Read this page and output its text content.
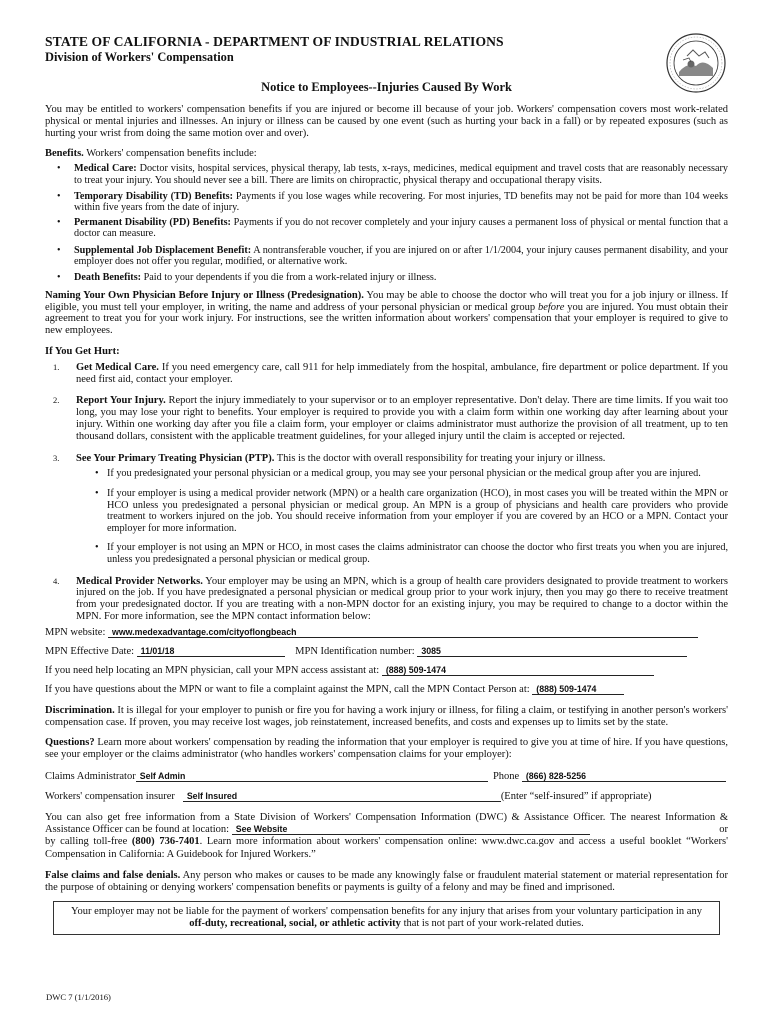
STATE OF CALIFORNIA - DEPARTMENT OF INDUSTRIAL RELATIONS
Division of Workers' Compensation
Notice to Employees--Injuries Caused By Work

You may be entitled to workers' compensation benefits if you are injured or become ill because of your job. Workers' compensation covers most work-related physical or mental injuries and illnesses. An injury or illness can be caused by one event (such as hurting your back in a fall) or by repeated exposures (such as hurting your wrist from doing the same motion over and over).

Benefits. Workers' compensation benefits include:

• Medical Care: Doctor visits, hospital services, physical therapy, lab tests, x-rays, medicines, medical equipment and travel costs that are reasonably necessary to treat your injury. You should never see a bill. There are limits on chiropractic, physical therapy and occupational therapy visits.
• Temporary Disability (TD) Benefits: Payments if you lose wages while recovering. For most injuries, TD benefits may not be paid for more than 104 weeks within five years from the date of injury.
• Permanent Disability (PD) Benefits: Payments if you do not recover completely and your injury causes a permanent loss of physical or mental function that a doctor can measure.
• Supplemental Job Displacement Benefit: A nontransferable voucher, if you are injured on or after 1/1/2004, your injury causes permanent disability, and your employer does not offer you regular, modified, or alternative work.
• Death Benefits: Paid to your dependents if you die from a work-related injury or illness.

Naming Your Own Physician Before Injury or Illness (Predesignation). You may be able to choose the doctor who will treat you for a job injury or illness. If eligible, you must tell your employer, in writing, the name and address of your personal physician or medical group before you are injured. You must obtain their agreement to treat you for your work injury. For instructions, see the written information about workers' compensation that your employer is required to give to new employees.

If You Get Hurt:

1. Get Medical Care. If you need emergency care, call 911 for help immediately from the hospital, ambulance, fire department or police department. If you need first aid, contact your employer.
2. Report Your Injury. Report the injury immediately to your supervisor or to an employer representative. Don't delay. There are time limits. If you wait too long, you may lose your right to benefits. Your employer is required to provide you with a claim form within one working day after learning about your injury. Within one working day after you file a claim form, your employer or claims administrator must authorize the provision of all treatment, up to ten thousand dollars, consistent with the applicable treatment guidelines, for your alleged injury until the claim is accepted or rejected.
3. See Your Primary Treating Physician (PTP). This is the doctor with overall responsibility for treating your injury or illness.
• If you predesignated your personal physician or a medical group, you may see your personal physician or the medical group after you are injured.
• If your employer is using a medical provider network (MPN) or a health care organization (HCO), in most cases you will be treated within the MPN or HCO unless you predesignated a personal physician or medical group. An MPN is a group of physicians and health care providers who provide treatment to workers injured on the job. You should receive information from your employer if you are covered by an HCO or a MPN. Contact your employer for more information.
• If your employer is not using an MPN or HCO, in most cases the claims administrator can choose the doctor who first treats you when you are injured, unless you predesignated a personal physician or medical group.
4. Medical Provider Networks. Your employer may be using an MPN, which is a group of health care providers designated to provide treatment to workers injured on the job. If you have predesignated a personal physician or medical group prior to your work injury, then you may go there to receive treatment from your predesignated doctor. If you are treating with a non-MPN doctor for an existing injury, you may be required to change to a doctor within the MPN. For more information, see the MPN contact information below:
MPN website: www.medexadvantage.com/cityoflongbeach
MPN Effective Date: 11/01/18	MPN Identification number: 3085
If you need help locating an MPN physician, call your MPN access assistant at: (888) 509-1474
If you have questions about the MPN or want to file a complaint against the MPN, call the MPN Contact Person at: (888) 509-1474

Discrimination. It is illegal for your employer to punish or fire you for having a work injury or illness, for filing a claim, or testifying in another person's workers' compensation case. If proven, you may receive lost wages, job reinstatement, increased benefits, and costs and expenses up to limits set by the state.

Questions? Learn more about workers' compensation by reading the information that your employer is required to give you at time of hire. If you have questions, see your employer or the claims administrator (who handles workers' compensation claims for your employer):

Claims Administrator Self Admin	Phone (866) 828-5256
Workers' compensation insurer Self Insured	(Enter “self-insured” if appropriate)
You can also get free information from a State Division of Workers' Compensation Information (DWC) & Assistance Officer. The nearest Information & Assistance Officer can be found at location: See Website	or

by calling toll-free (800) 736-7401. Learn more information about workers' compensation online: www.dwc.ca.gov and access a useful booklet “Workers' Compensation in California: A Guidebook for Injured Workers.”

False claims and false denials. Any person who makes or causes to be made any knowingly false or fraudulent material statement or material representation for the purpose of obtaining or denying workers' compensation benefits or payments is guilty of a felony and may be fined and imprisoned.

Your employer may not be liable for the payment of workers' compensation benefits for any injury that arises from your voluntary participation in any off-duty, recreational, social, or athletic activity that is not part of your work-related duties.
DWC 7 (1/1/2016)
